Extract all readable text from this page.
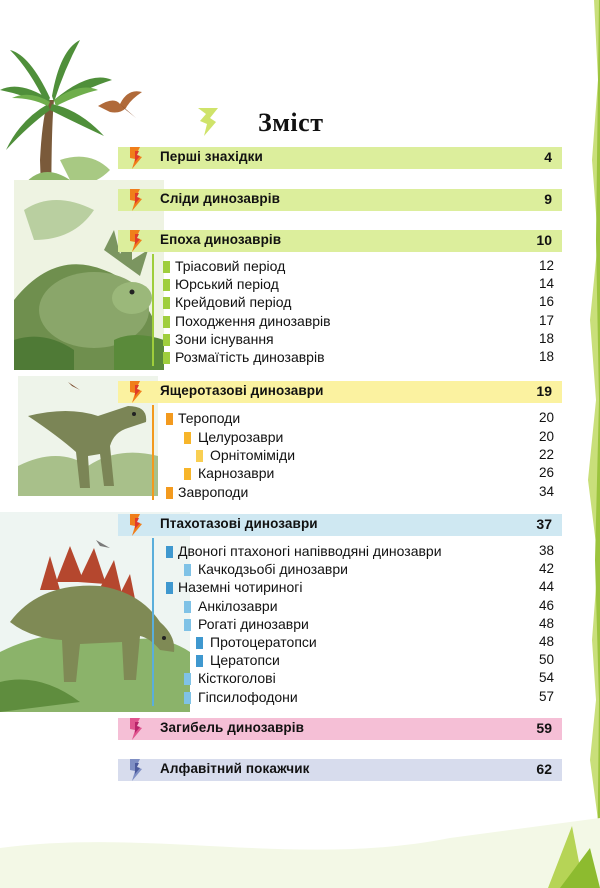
Зміст
Перші знахідки	4
Сліди динозаврів	9
Епоха динозаврів	10
Тріасовий період	12
Юрський період	14
Крейдовий період	16
Походження динозаврів	17
Зони існування	18
Розмаїтість динозаврів	18
Ящеротазові динозаври	19
Тероподи	20
Целурозаври	20
Орнітоміміди	22
Карнозаври	26
Завроподи	34
Птахотазові динозаври	37
Двоногі птахоногі напівводяні динозаври	38
Качкодзьобі динозаври	42
Наземні чотириногі	44
Анкілозаври	46
Рогаті динозаври	48
Протоцератопси	48
Цератопси	50
Кісткоголові	54
Гіпсилофодони	57
Загибель динозаврів	59
Алфавітний покажчик	62
